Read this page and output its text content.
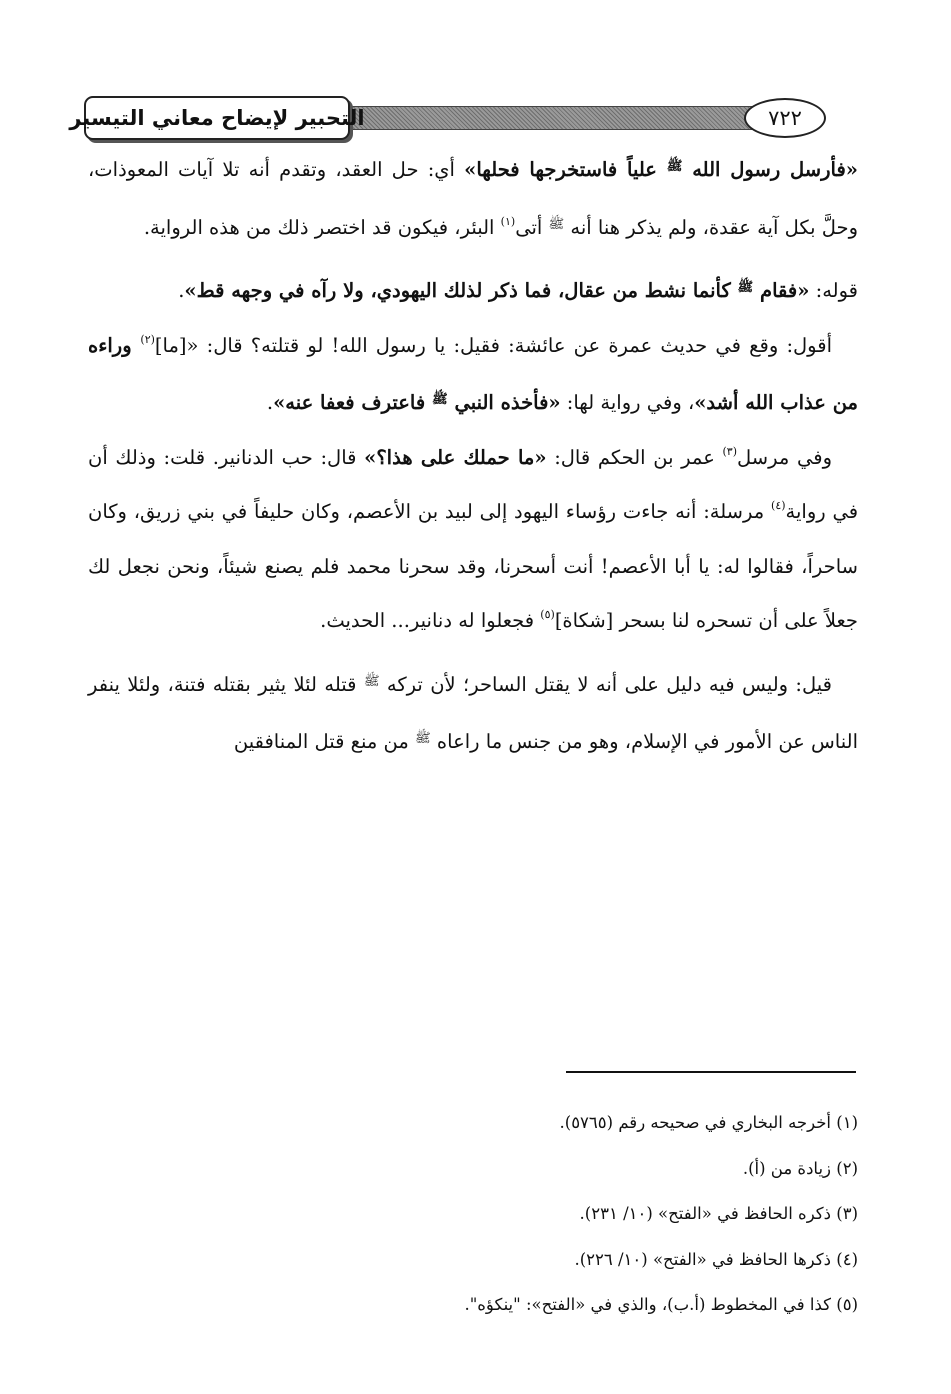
التحبير لإيضاح معاني التيسير	٧٢٢

«فأرسل رسول الله $^ﷺ$ علياً فاستخرجها فحلها» أي: حل العقد، وتقدم أنه تلا آيات المعوذات، وحلَّ بكل آية عقدة، ولم يذكر هنا أنه $^ﷺ$ أتى$^{(١)}$ البئر، فيكون قد اختصر ذلك من هذه الرواية.

قوله: «فقام $^ﷺ$ كأنما نشط من عقال، فما ذكر لذلك اليهودي، ولا رآه في وجهه قط».

أقول: وقع في حديث عمرة عن عائشة: فقيل: يا رسول الله! لو قتلته؟ قال: «[ما]$^{(٢)}$ وراءه من عذاب الله أشد»، وفي رواية لها: «فأخذه النبي $^ﷺ$ فاعترف فعفا عنه».

وفي مرسل$^{(٣)}$ عمر بن الحكم قال: «ما حملك على هذا؟» قال: حب الدنانير. قلت: وذلك أن في رواية$^{(٤)}$ مرسلة: أنه جاءت رؤساء اليهود إلى لبيد بن الأعصم، وكان حليفاً في بني زريق، وكان ساحراً، فقالوا له: يا أبا الأعصم! أنت أسحرنا، وقد سحرنا محمد فلم يصنع شيئاً، ونحن نجعل لك جعلاً على أن تسحره لنا بسحر [شكاة]$^{(٥)}$ فجعلوا له دنانير... الحديث.

قيل: وليس فيه دليل على أنه لا يقتل الساحر؛ لأن تركه $^ﷺ$ قتله لئلا يثير بقتله فتنة، ولئلا ينفر الناس عن الأمور في الإسلام، وهو من جنس ما راعاه $^ﷺ$ من منع قتل المنافقين

(١) أخرجه البخاري في صحيحه رقم (٥٧٦٥).

(٢) زيادة من (أ).

(٣) ذكره الحافظ في «الفتح» (١٠/ ٢٣١).

(٤) ذكرها الحافظ في «الفتح» (١٠/ ٢٢٦).

(٥) كذا في المخطوط (أ.ب)، والذي في «الفتح»: "ينكؤه".
